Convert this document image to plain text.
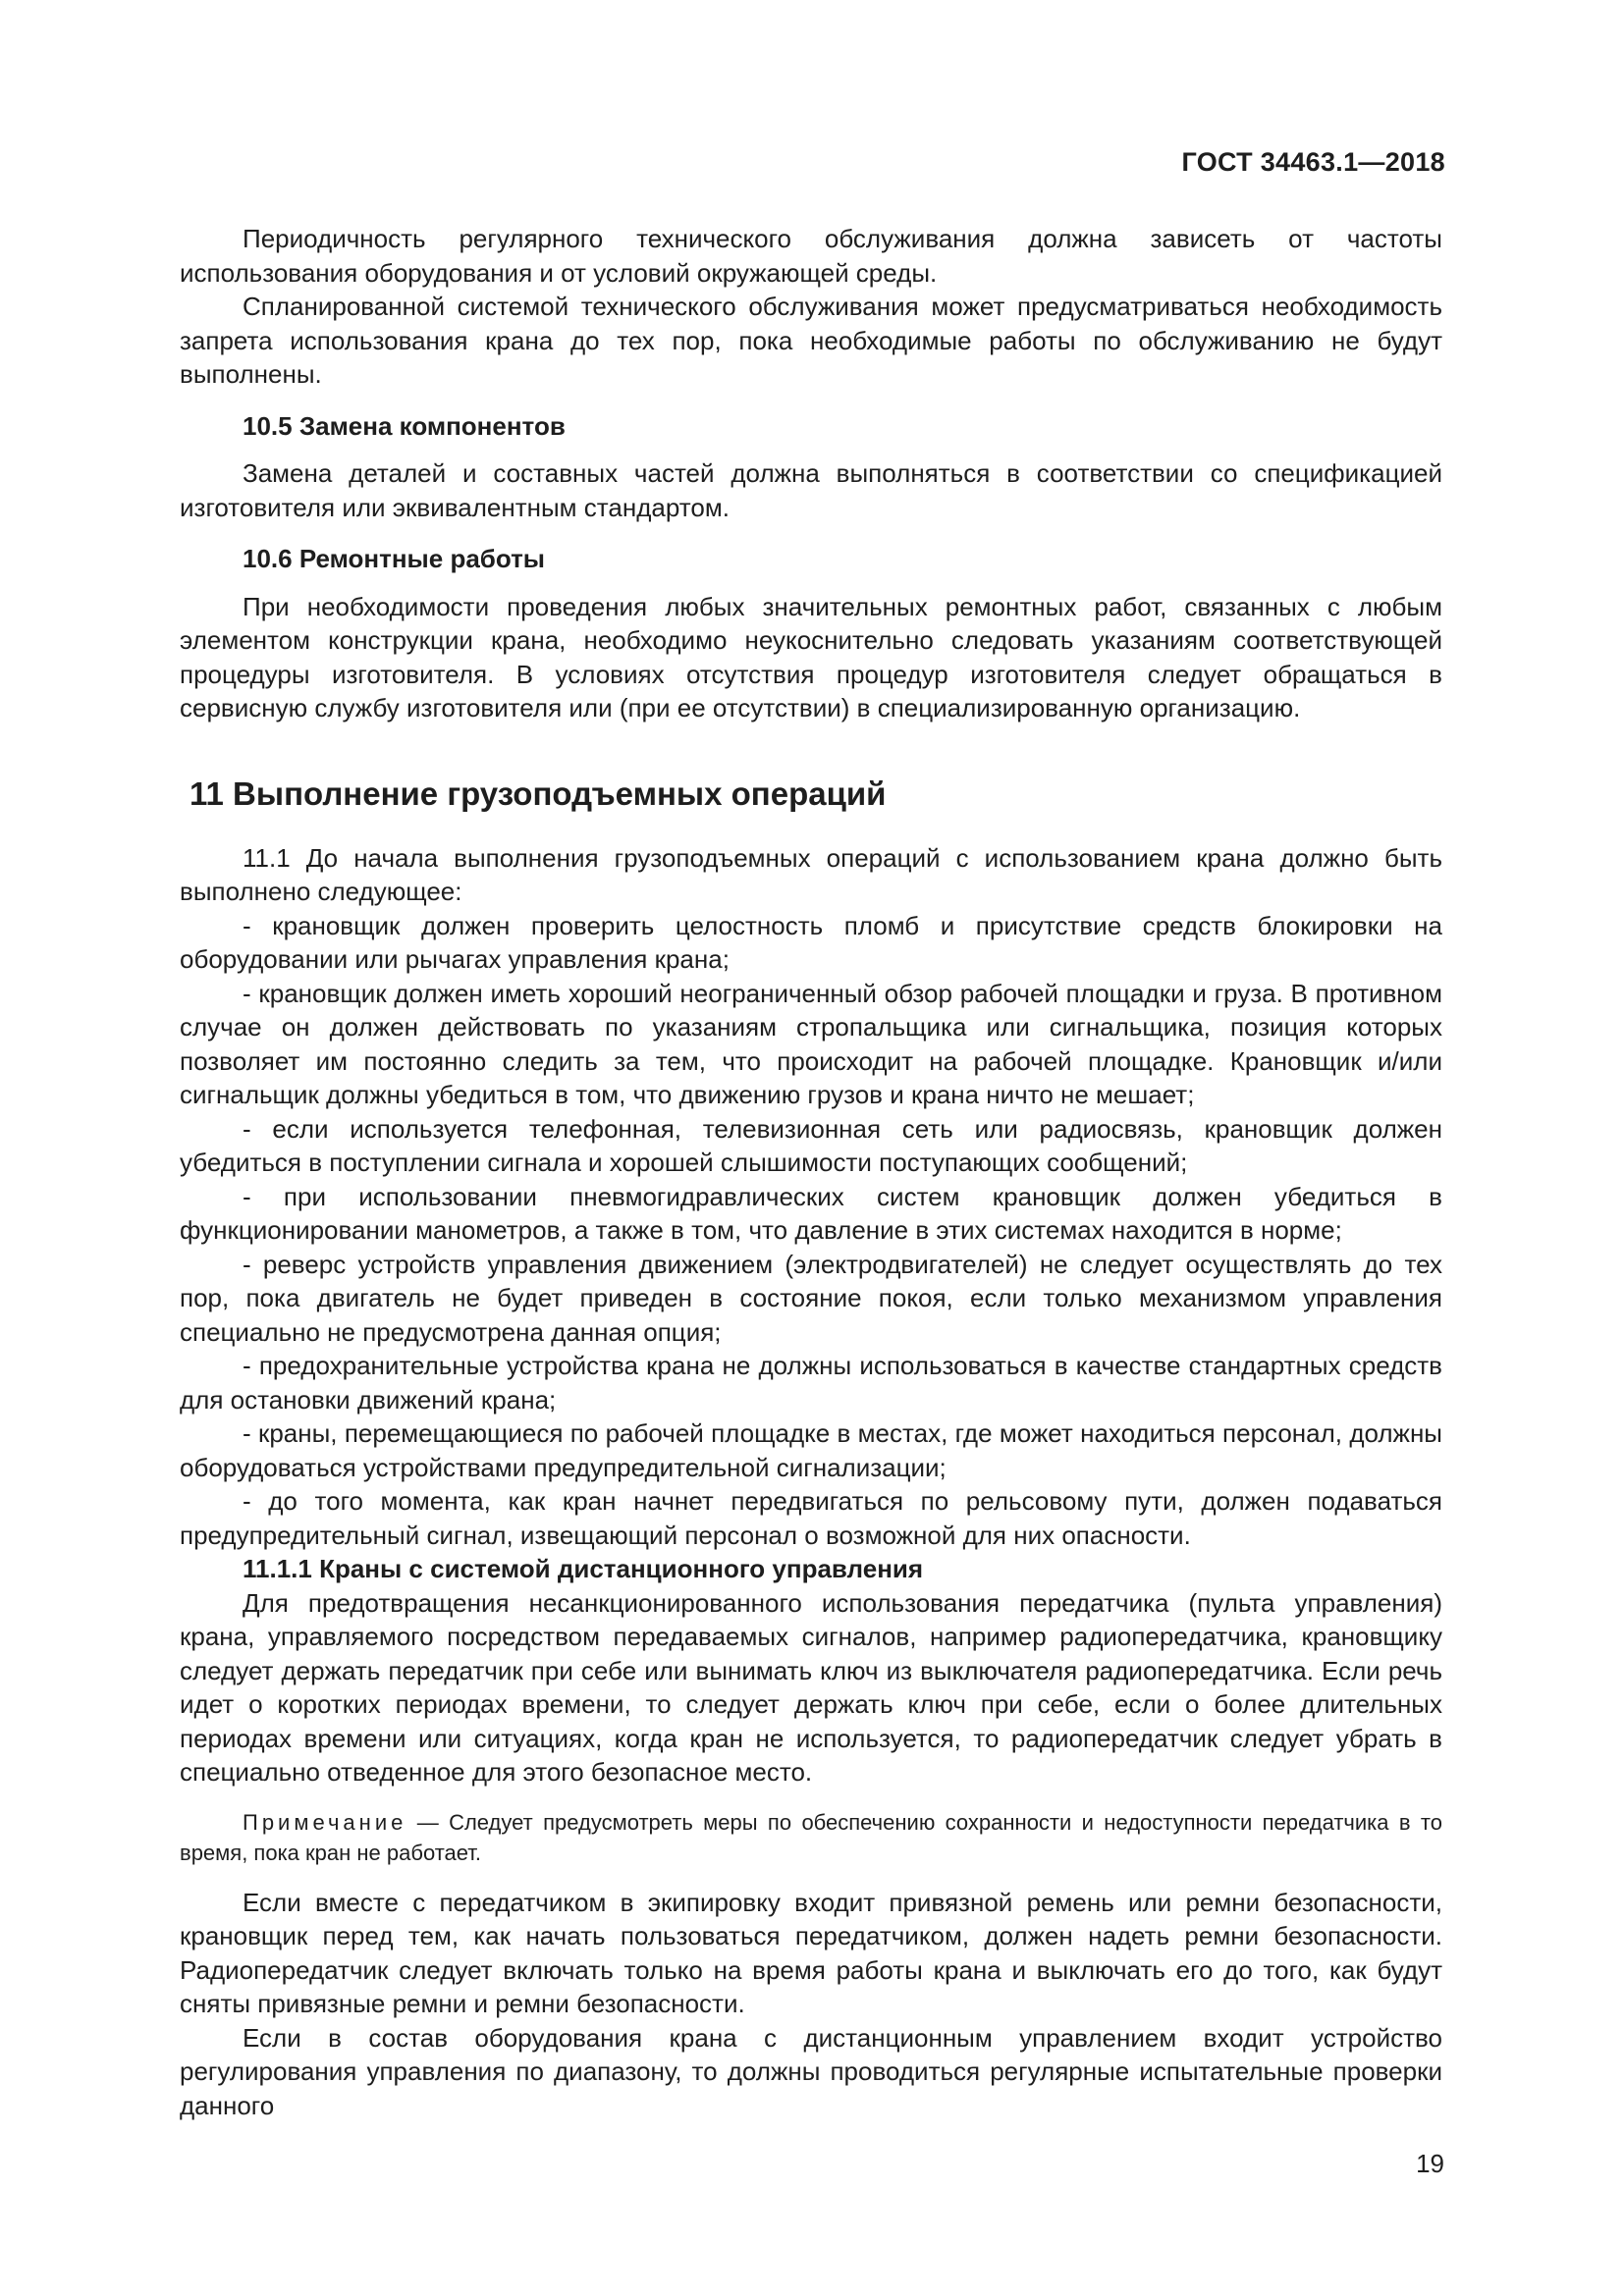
ГОСТ 34463.1—2018

Периодичность регулярного технического обслуживания должна зависеть от частоты использования оборудования и от условий окружающей среды.

Спланированной системой технического обслуживания может предусматриваться необходимость запрета использования крана до тех пор, пока необходимые работы по обслуживанию не будут выполнены.

10.5 Замена компонентов

Замена деталей и составных частей должна выполняться в соответствии со спецификацией изготовителя или эквивалентным стандартом.

10.6 Ремонтные работы

При необходимости проведения любых значительных ремонтных работ, связанных с любым элементом конструкции крана, необходимо неукоснительно следовать указаниям соответствующей процедуры изготовителя. В условиях отсутствия процедур изготовителя следует обращаться в сервисную службу изготовителя или (при ее отсутствии) в специализированную организацию.

11 Выполнение грузоподъемных операций

11.1 До начала выполнения грузоподъемных операций с использованием крана должно быть выполнено следующее:

- крановщик должен проверить целостность пломб и присутствие средств блокировки на оборудовании или рычагах управления крана;

- крановщик должен иметь хороший неограниченный обзор рабочей площадки и груза. В противном случае он должен действовать по указаниям стропальщика или сигнальщика, позиция которых позволяет им постоянно следить за тем, что происходит на рабочей площадке. Крановщик и/или сигнальщик должны убедиться в том, что движению грузов и крана ничто не мешает;

- если используется телефонная, телевизионная сеть или радиосвязь, крановщик должен убедиться в поступлении сигнала и хорошей слышимости поступающих сообщений;

- при использовании пневмогидравлических систем крановщик должен убедиться в функционировании манометров, а также в том, что давление в этих системах находится в норме;

- реверс устройств управления движением (электродвигателей) не следует осуществлять до тех пор, пока двигатель не будет приведен в состояние покоя, если только механизмом управления специально не предусмотрена данная опция;

- предохранительные устройства крана не должны использоваться в качестве стандартных средств для остановки движений крана;

- краны, перемещающиеся по рабочей площадке в местах, где может находиться персонал, должны оборудоваться устройствами предупредительной сигнализации;

- до того момента, как кран начнет передвигаться по рельсовому пути, должен подаваться предупредительный сигнал, извещающий персонал о возможной для них опасности.

11.1.1 Краны с системой дистанционного управления

Для предотвращения несанкционированного использования передатчика (пульта управления) крана, управляемого посредством передаваемых сигналов, например радиопередатчика, крановщику следует держать передатчик при себе или вынимать ключ из выключателя радиопередатчика. Если речь идет о коротких периодах времени, то следует держать ключ при себе, если о более длительных периодах времени или ситуациях, когда кран не используется, то радиопередатчик следует убрать в специально отведенное для этого безопасное место.

Примечание — Следует предусмотреть меры по обеспечению сохранности и недоступности передатчика в то время, пока кран не работает.

Если вместе с передатчиком в экипировку входит привязной ремень или ремни безопасности, крановщик перед тем, как начать пользоваться передатчиком, должен надеть ремни безопасности. Радиопередатчик следует включать только на время работы крана и выключать его до того, как будут сняты привязные ремни и ремни безопасности.

Если в состав оборудования крана с дистанционным управлением входит устройство регулирования управления по диапазону, то должны проводиться регулярные испытательные проверки данного

19
